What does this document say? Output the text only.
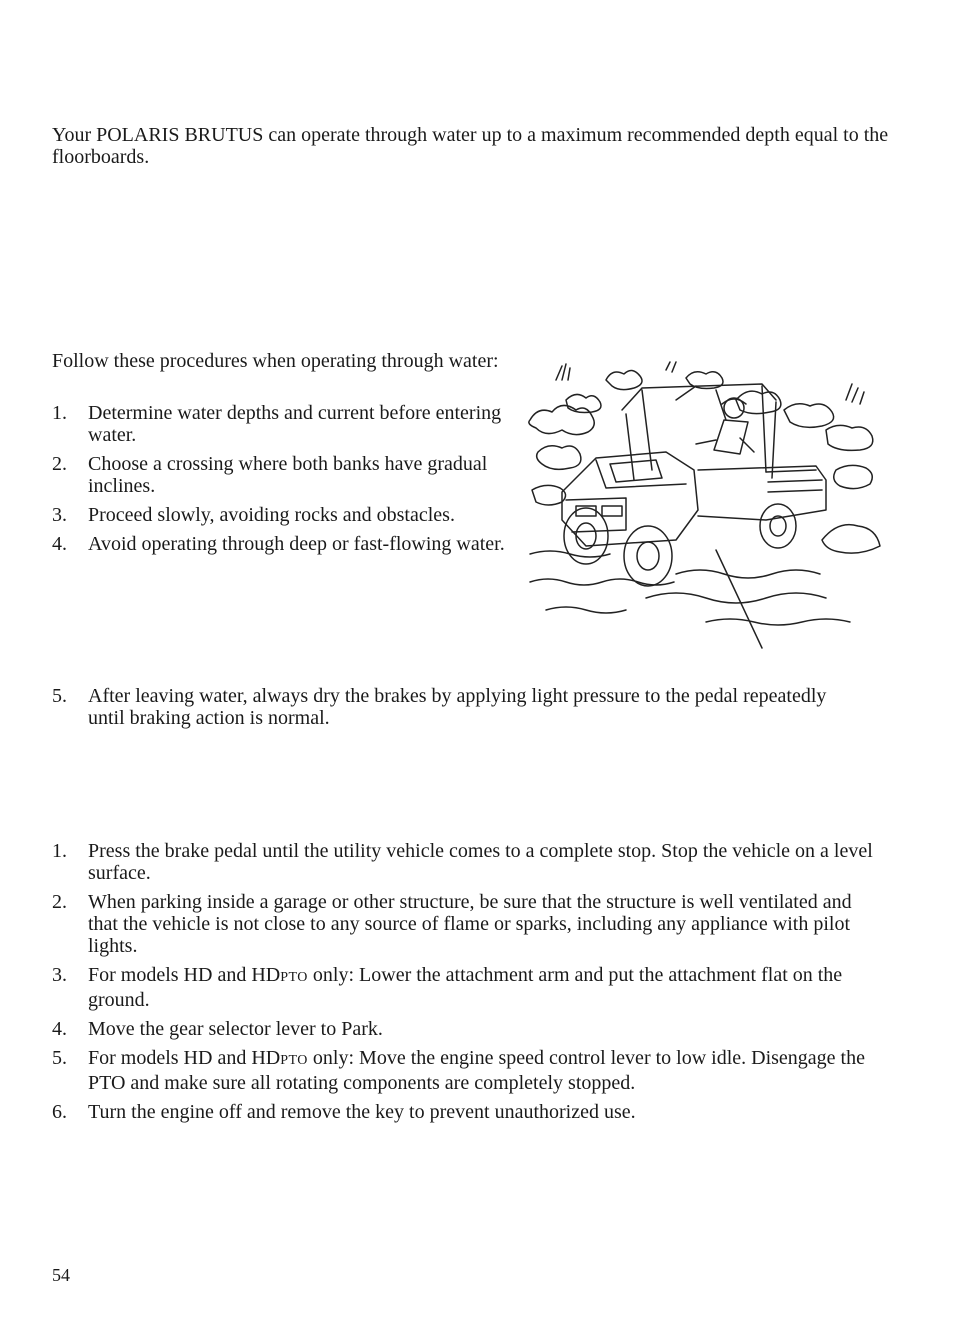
Your POLARIS BRUTUS can operate through water up to a maximum recommended depth equal to the floorboards.

Follow these procedures when operating through water:

1. Determine water depths and current before entering water.
2. Choose a crossing where both banks have gradual inclines.
3. Proceed slowly, avoiding rocks and obstacles.
4. Avoid operating through deep or fast-flowing water.
5. After leaving water, always dry the brakes by applying light pressure to the pedal repeatedly until braking action is normal.
1. Press the brake pedal until the utility vehicle comes to a complete stop. Stop the vehicle on a level surface.
2. When parking inside a garage or other structure, be sure that the structure is well ventilated and that the vehicle is not close to any source of flame or sparks, including any appliance with pilot lights.
3. For models HD and HDPTO only: Lower the attachment arm and put the attachment flat on the ground.
4. Move the gear selector lever to Park.
5. For models HD and HDPTO only: Move the engine speed control lever to low idle. Disengage the PTO and make sure all rotating components are completely stopped.
6. Turn the engine off and remove the key to prevent unauthorized use.
54
